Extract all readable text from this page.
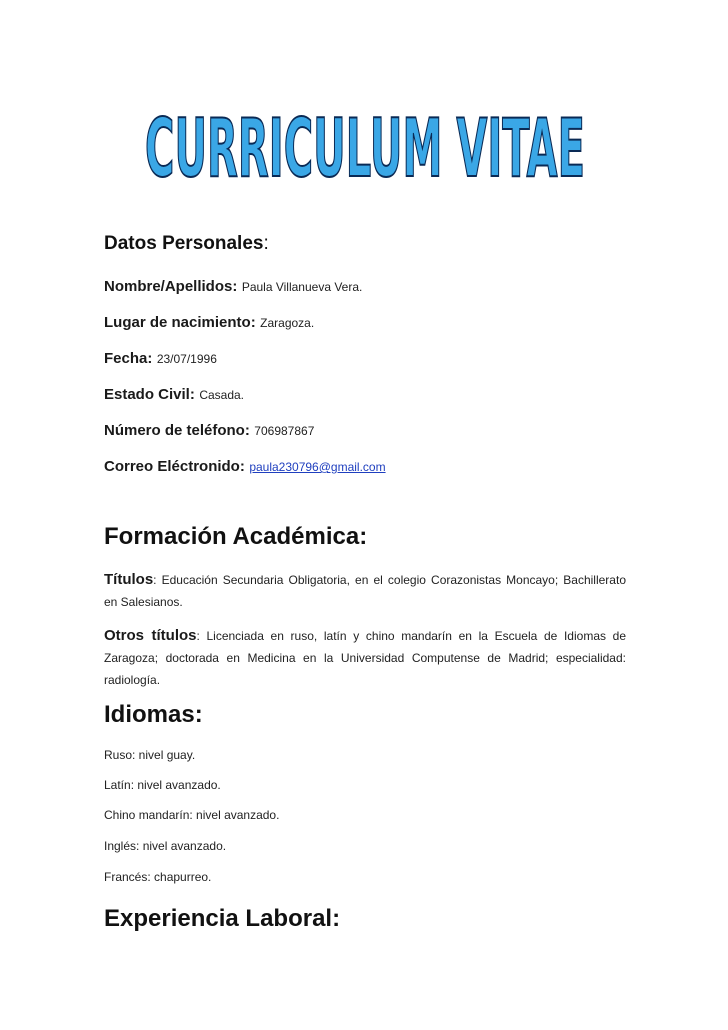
CURRICULUM VITAE
Datos Personales:
Nombre/Apellidos: Paula Villanueva Vera.
Lugar de nacimiento: Zaragoza.
Fecha: 23/07/1996
Estado Civil: Casada.
Número de teléfono: 706987867
Correo Eléctronido: paula230796@gmail.com
Formación Académica:
Títulos: Educación Secundaria Obligatoria, en el colegio Corazonistas Moncayo; Bachillerato en Salesianos.
Otros títulos: Licenciada en ruso, latín y chino mandarín en la Escuela de Idiomas de Zaragoza; doctorada en Medicina en la Universidad Computense de Madrid; especialidad: radiología.
Idiomas:
Ruso: nivel guay.
Latín: nivel avanzado.
Chino mandarín: nivel avanzado.
Inglés: nivel avanzado.
Francés: chapurreo.
Experiencia Laboral:
